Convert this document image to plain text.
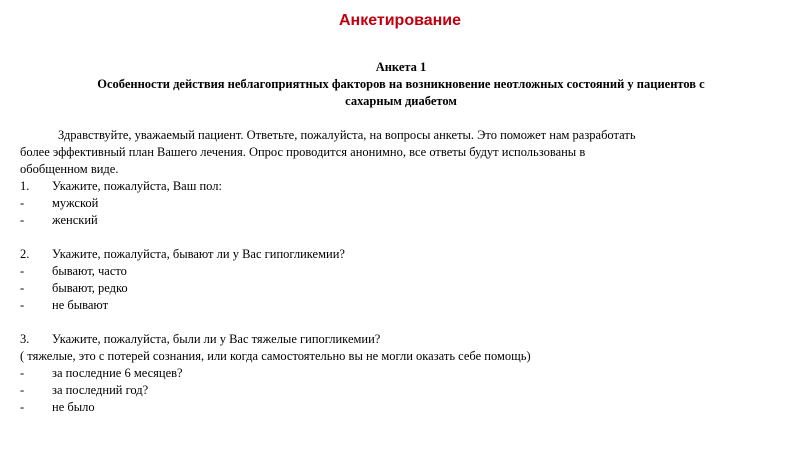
Анкетирование
Анкета 1
Особенности действия неблагоприятных факторов на возникновение неотложных состояний у пациентов с
сахарным диабетом

Здравствуйте, уважаемый пациент. Ответьте, пожалуйста, на вопросы анкеты. Это поможет нам разработать
более эффективный план Вашего лечения. Опрос проводится анонимно, все ответы будут использованы в
обобщенном виде.

1.	Укажите, пожалуйста, Ваш пол:
-	мужской
-	женский
2.	Укажите, пожалуйста, бывают ли у Вас гипогликемии?
-	бывают, часто
-	бывают, редко
-	не бывают
3.	Укажите, пожалуйста, были ли у Вас тяжелые гипогликемии?
( тяжелые, это с потерей сознания, или когда самостоятельно вы не могли оказать себе помощь)
-	за последние 6 месяцев?
-	за последний год?
-	не было
